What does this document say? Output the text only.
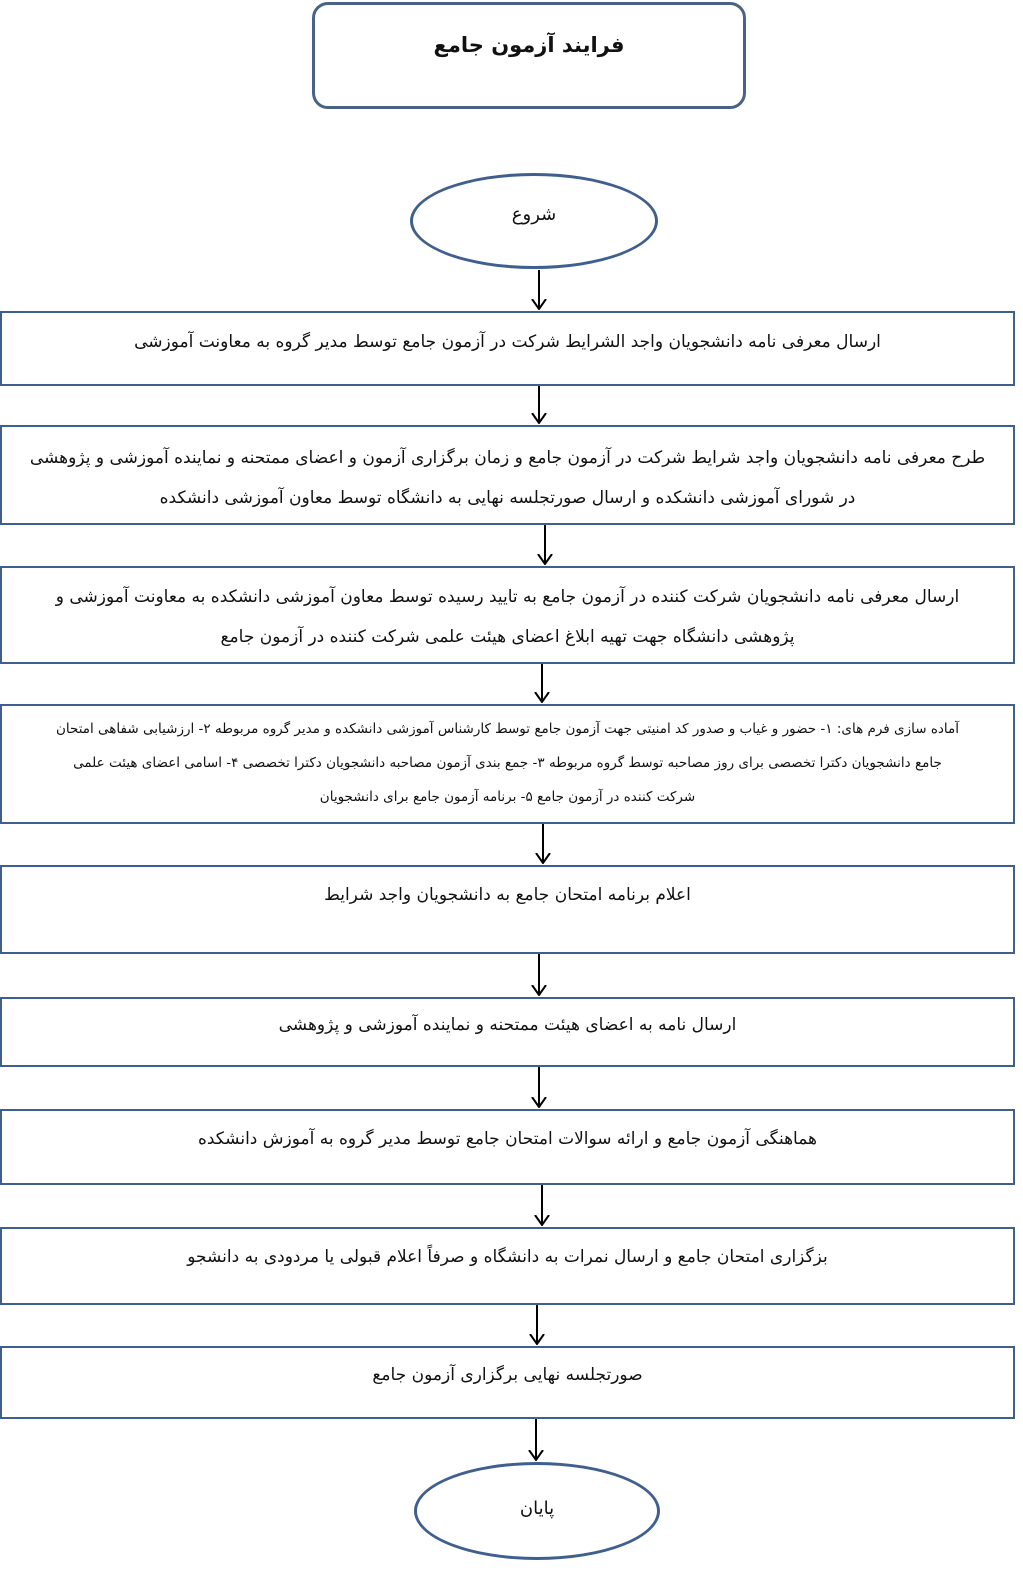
فرایند آزمون جامع
شروع
ارسال معرفی نامه دانشجویان واجد الشرایط شرکت در آزمون جامع توسط مدیر گروه به معاونت آموزشی
طرح معرفی نامه دانشجویان واجد شرایط شرکت در آزمون جامع و زمان برگزاری آزمون و اعضای ممتحنه و نماینده آموزشی و پژوهشی
در شورای آموزشی دانشکده و ارسال صورتجلسه نهایی به دانشگاه توسط معاون آموزشی دانشکده
ارسال معرفی نامه دانشجویان شرکت کننده در آزمون جامع به تایید رسیده توسط معاون آموزشی دانشکده به معاونت آموزشی و
پژوهشی دانشگاه جهت تهیه ابلاغ اعضای هیئت علمی شرکت کننده در آزمون جامع
آماده سازی فرم های: ۱- حضور و غیاب و صدور کد امنیتی جهت آزمون جامع توسط کارشناس آموزشی دانشکده و مدیر گروه مربوطه ۲- ارزشیابی شفاهی امتحان
جامع دانشجویان دکترا تخصصی برای روز مصاحبه توسط گروه مربوطه ۳- جمع بندی آزمون مصاحبه دانشجویان دکترا تخصصی ۴- اسامی اعضای هیئت علمی
شرکت کننده در آزمون جامع ۵- برنامه آزمون جامع برای دانشجویان
اعلام برنامه امتحان جامع به دانشجویان واجد شرایط
ارسال نامه به اعضای هیئت ممتحنه و نماینده آموزشی و پژوهشی
هماهنگی آزمون جامع و ارائه سوالات امتحان جامع توسط مدیر گروه به آموزش دانشکده
بزگزاری امتحان جامع و ارسال نمرات به دانشگاه و صرفاً اعلام قبولی یا مردودی به دانشجو
صورتجلسه نهایی برگزاری آزمون جامع
پایان
